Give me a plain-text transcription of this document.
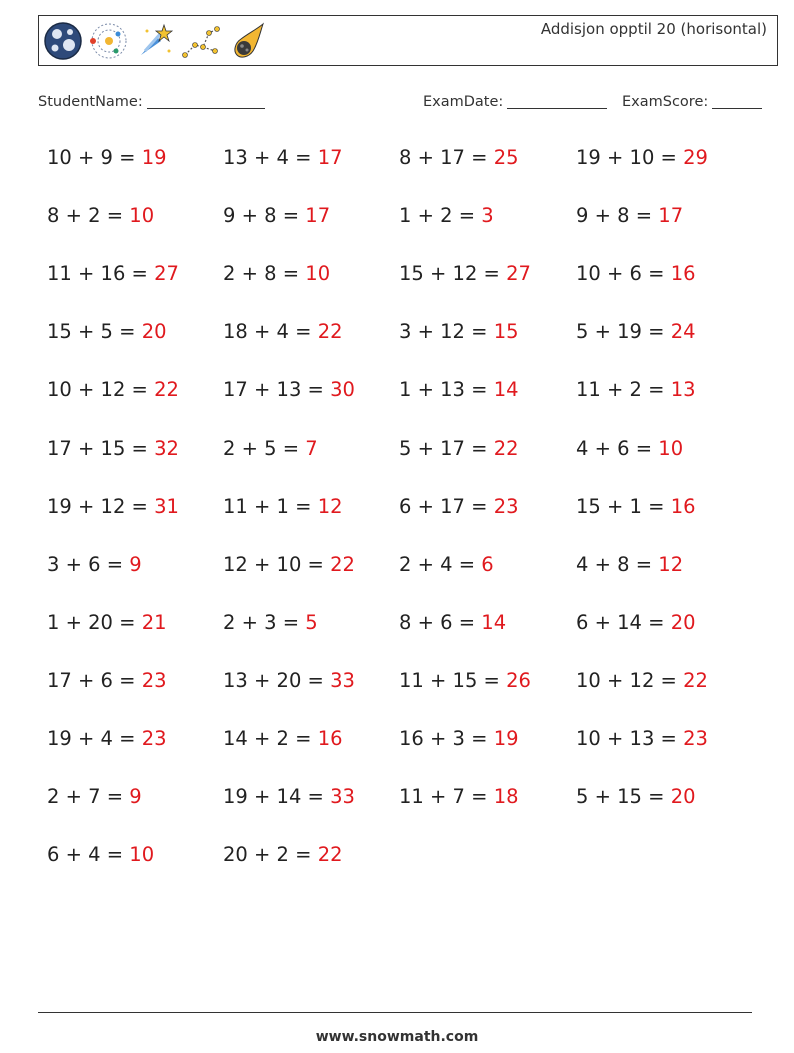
Addisjon opptil 20 (horisontal)
StudentName:	ExamDate:	ExamScore:
10 + 9 = 19
8 + 2 = 10
11 + 16 = 27
15 + 5 = 20
10 + 12 = 22
17 + 15 = 32
19 + 12 = 31
3 + 6 = 9
1 + 20 = 21
17 + 6 = 23
19 + 4 = 23
2 + 7 = 9
6 + 4 = 10
13 + 4 = 17
9 + 8 = 17
2 + 8 = 10
18 + 4 = 22
17 + 13 = 30
2 + 5 = 7
11 + 1 = 12
12 + 10 = 22
2 + 3 = 5
13 + 20 = 33
14 + 2 = 16
19 + 14 = 33
20 + 2 = 22
8 + 17 = 25
1 + 2 = 3
15 + 12 = 27
3 + 12 = 15
1 + 13 = 14
5 + 17 = 22
6 + 17 = 23
2 + 4 = 6
8 + 6 = 14
11 + 15 = 26
16 + 3 = 19
11 + 7 = 18
19 + 10 = 29
9 + 8 = 17
10 + 6 = 16
5 + 19 = 24
11 + 2 = 13
4 + 6 = 10
15 + 1 = 16
4 + 8 = 12
6 + 14 = 20
10 + 12 = 22
10 + 13 = 23
5 + 15 = 20
www.snowmath.com
